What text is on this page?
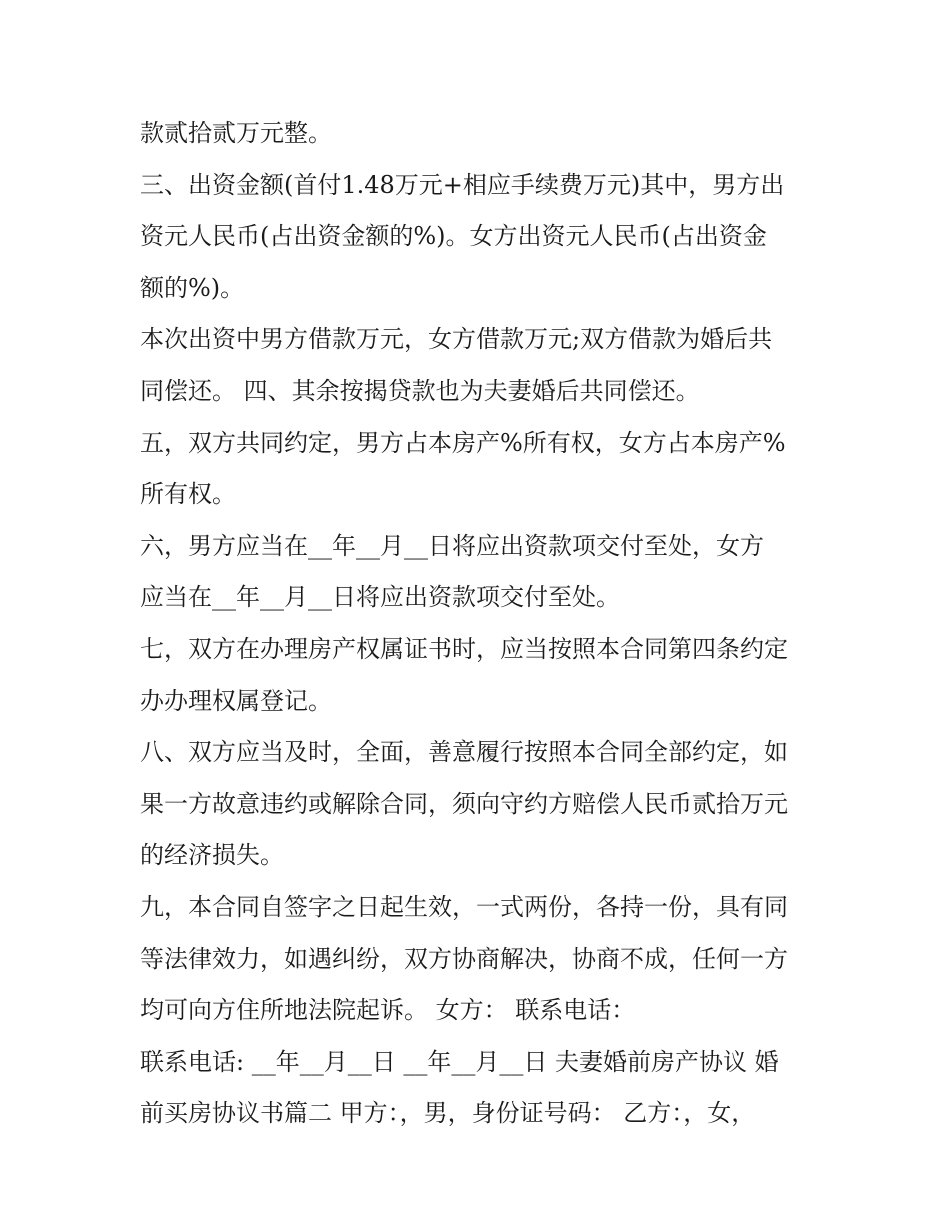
款贰拾贰万元整。
三、出资金额(首付1.48万元+相应手续费万元)其中，男方出
资元人民币(占出资金额的%)。女方出资元人民币(占出资金
额的%)。
本次出资中男方借款万元，女方借款万元;双方借款为婚后共
同偿还。 四、其余按揭贷款也为夫妻婚后共同偿还。
五，双方共同约定，男方占本房产%所有权，女方占本房产%
所有权。
六，男方应当在__年__月__日将应出资款项交付至处，女方
应当在__年__月__日将应出资款项交付至处。
七，双方在办理房产权属证书时，应当按照本合同第四条约定
办办理权属登记。
八、双方应当及时，全面，善意履行按照本合同全部约定，如
果一方故意违约或解除合同，须向守约方赔偿人民币贰拾万元
的经济损失。
九，本合同自签字之日起生效，一式两份，各持一份，具有同
等法律效力，如遇纠纷，双方协商解决，协商不成，任何一方
均可向方住所地法院起诉。 女方： 联系电话：
联系电话: __年__月__日 __年__月__日 夫妻婚前房产协议 婚
前买房协议书篇二 甲方：，男，身份证号码： 乙方：，女，
